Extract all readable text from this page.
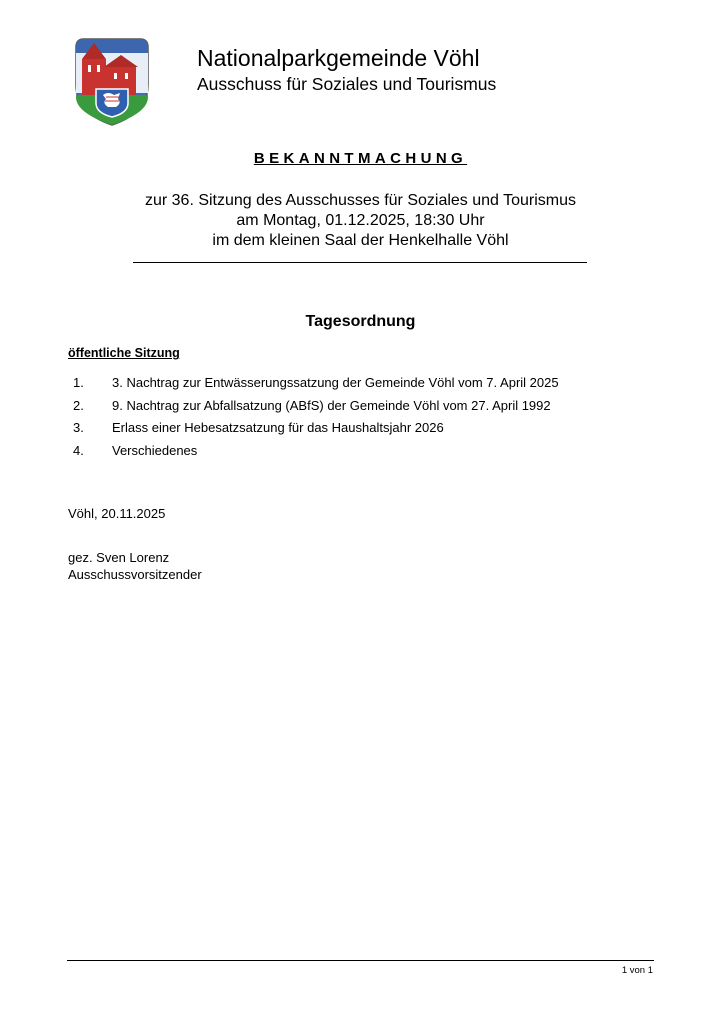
Nationalparkgemeinde Vöhl
Ausschuss für Soziales und Tourismus
BEKANNTMACHUNG
zur 36. Sitzung des Ausschusses für Soziales und Tourismus
am Montag, 01.12.2025, 18:30 Uhr
im dem kleinen Saal der Henkelhalle Vöhl
Tagesordnung
öffentliche Sitzung
1. 3. Nachtrag zur Entwässerungssatzung der Gemeinde Vöhl vom 7. April 2025
2. 9. Nachtrag zur Abfallsatzung (ABfS) der Gemeinde Vöhl vom 27. April 1992
3. Erlass einer Hebesatzsatzung für das Haushaltsjahr 2026
4. Verschiedenes
Vöhl, 20.11.2025
gez. Sven Lorenz
Ausschussvorsitzender
1 von 1
